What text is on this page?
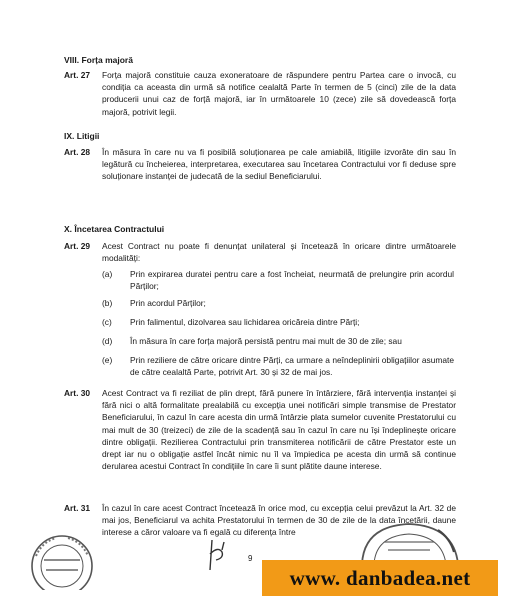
VIII. Forța majoră
Art. 27 Forța majoră constituie cauza exoneratoare de răspundere pentru Partea care o invocă, cu condiția ca aceasta din urmă să notifice cealaltă Parte în termen de 5 (cinci) zile de la data producerii unui caz de forță majoră, iar în următoarele 10 (zece) zile să dovedească forța majoră, potrivit legii.
IX. Litigii
Art. 28 În măsura în care nu va fi posibilă soluționarea pe cale amiabilă, litigiile izvorâte din sau în legătură cu încheierea, interpretarea, executarea sau încetarea Contractului vor fi deduse spre soluționare instanței de judecată de la sediul Beneficiarului.
X. Încetarea Contractului
Art. 29 Acest Contract nu poate fi denunțat unilateral și încetează în oricare dintre următoarele modalități:
(a) Prin expirarea duratei pentru care a fost încheiat, neurmată de prelungire prin acordul Părților;
(b) Prin acordul Părților;
(c) Prin falimentul, dizolvarea sau lichidarea oricăreia dintre Părți;
(d) În măsura în care forța majoră persistă pentru mai mult de 30 de zile; sau
(e) Prin reziliere de către oricare dintre Părți, ca urmare a neîndeplinirii obligațiilor asumate de către cealaltă Parte, potrivit Art. 30 și 32 de mai jos.
Art. 30 Acest Contract va fi reziliat de plin drept, fără punere în întârziere, fără intervenția instanței și fără nici o altă formalitate prealabilă cu excepția unei notificări simple transmise de Prestator Beneficiarului, în cazul în care acesta din urmă întârzie plata sumelor cuvenite Prestatorului cu mai mult de 30 (treizeci) de zile de la scadență sau în cazul în care nu își îndeplinește oricare dintre obligații. Rezilierea Contractului prin transmiterea notificării de către Prestator este un drept iar nu o obligație astfel încât nimic nu îl va împiedica pe acesta din urmă să continue derularea acestui Contract în condițiile în care îi sunt plătite daune interese.
Art. 31 În cazul în care acest Contract încetează în orice mod, cu excepția celui prevăzut la Art. 32 de mai jos, Beneficiarul va achita Prestatorului în termen de 30 de zile de la data încetării, daune interese a căror valoare va fi egală cu diferența între
9
www. danbadea.net
